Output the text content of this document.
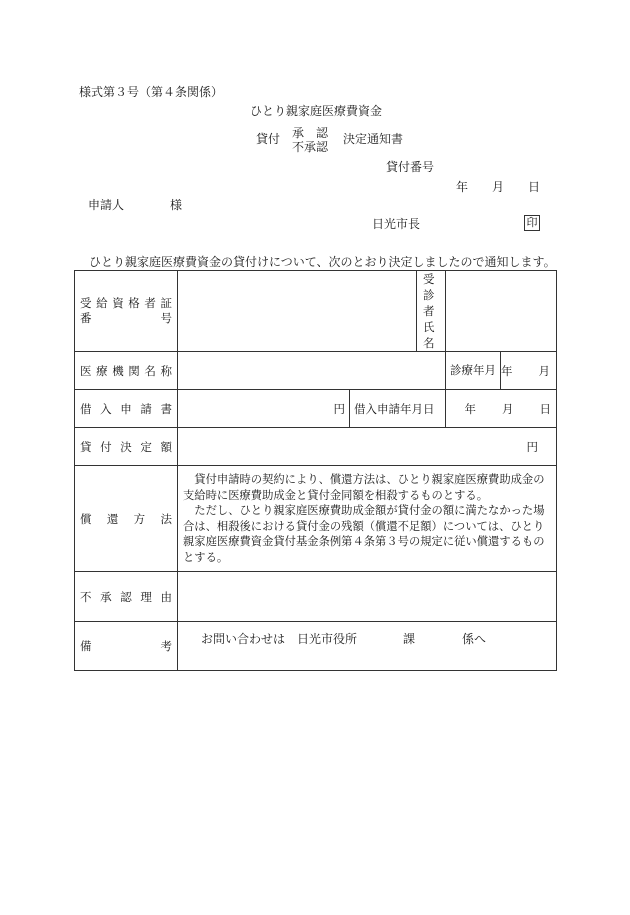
様式第３号（第４条関係）
ひとり親家庭医療費資金
貸付 承　認
不承認
決定通知書
貸付番号
年 月 日
申請人	様
日光市長	印
ひとり親家庭医療費資金の貸付けについて、次のとおり決定しましたので通知します。
受給資格者証
番　号			受診者氏名	
医療機関名称				診療年月 年 月

借入申請書	円	借入申請年月日		年 月 日

貸付決定額	円			
償　還　方　法	貸付申請時の契約により、償還方法は、ひとり親家庭医療費助成金の支給時に医療費助成金と貸付金同額を相殺するものとする。

ただし、ひとり親家庭医療費助成金額が貸付金の額に満たなかった場合は、相殺後における貸付金の残額（償還不足額）については、ひとり親家庭医療費資金貸付基金条例第４条第３号の規定に従い償還するものとする。			

不承認理由				
備　考				お問い合わせは 日光市役所	課	係へ
